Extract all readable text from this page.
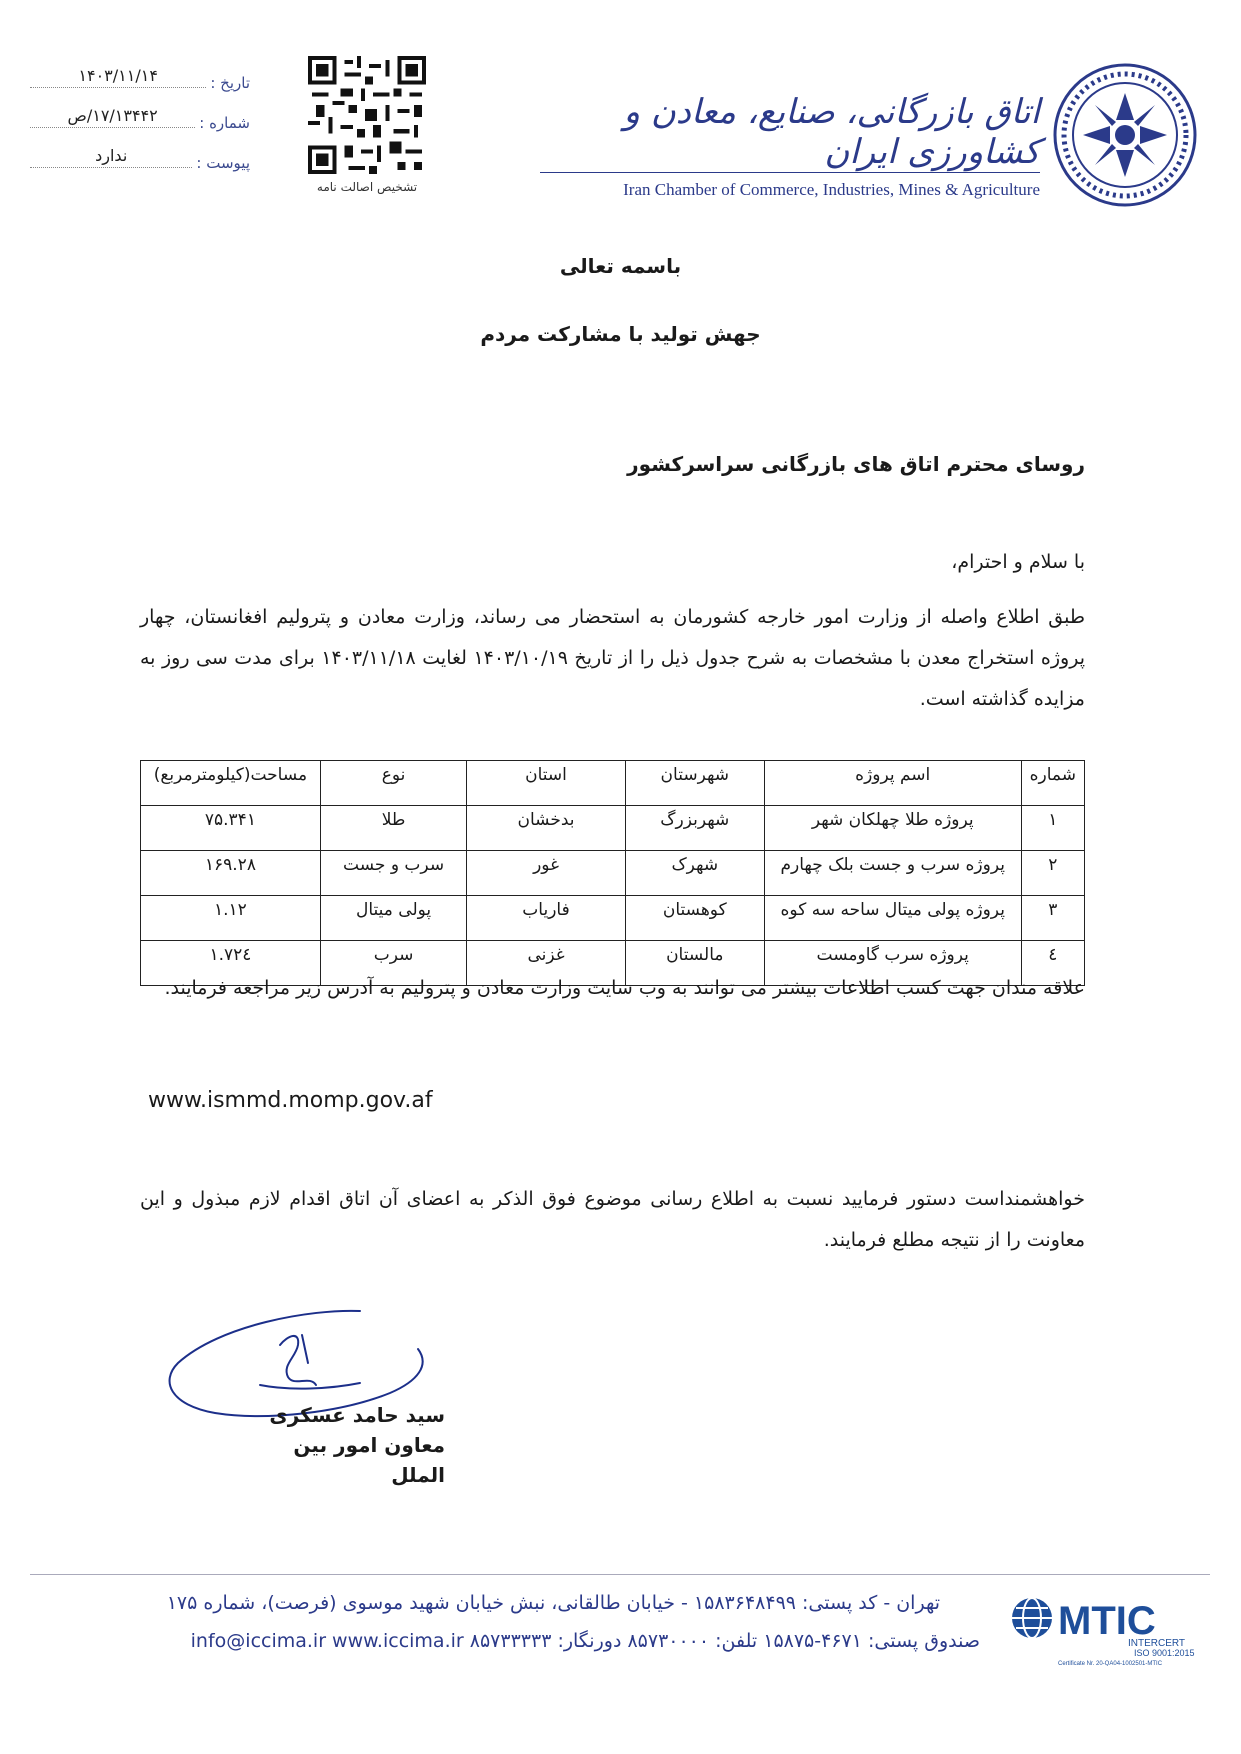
تاریخ :
۱۴۰۳/۱۱/۱۴
شماره :
۱۷/۱۳۴۴۲/ص
پیوست :
ندارد
تشخیص اصالت نامه
اتاق بازرگانی، صنایع، معادن و کشاورزی ایران
Iran Chamber of Commerce, Industries, Mines & Agriculture
باسمه تعالی
جهش تولید با مشارکت مردم
روسای محترم اتاق های بازرگانی سراسرکشور
با سلام و احترام،
طبق اطلاع واصله از وزارت امور خارجه کشورمان به استحضار می رساند، وزارت معادن و پترولیم افغانستان، چهار پروژه استخراج معدن با مشخصات به شرح جدول ذیل را از تاریخ ۱۴۰۳/۱۰/۱۹ لغایت ۱۴۰۳/۱۱/۱۸ برای مدت سی روز به مزایده گذاشته است.
شماره	اسم پروژه	شهرستان	استان	نوع	مساحت(کیلومترمربع)
۱	پروژه طلا چهلکان شهر	شهربزرگ	بدخشان	طلا	۷۵.۳۴۱
۲	پروژه سرب و جست بلک چهارم	شهرک	غور	سرب و جست	۱۶۹.۲۸
۳	پروژه پولی میتال ساحه سه کوه	کوهستان	فاریاب	پولی میتال	۱.۱۲
٤	پروژه سرب گاومست	مالستان	غزنی	سرب	۱.۷۲٤
علاقه مندان جهت کسب اطلاعات بیشتر می توانند به وب سایت وزارت معادن و پترولیم به آدرس زیر مراجعه فرمایند.
www.ismmd.momp.gov.af
خواهشمنداست دستور فرمایید نسبت به اطلاع رسانی موضوع فوق الذکر به اعضای آن اتاق اقدام لازم مبذول و این معاونت را از نتیجه مطلع فرمایند.
سید حامد عسکری
معاون امور بین الملل
تهران - کد پستی: ۱۵۸۳۶۴۸۴۹۹ - خیابان طالقانی، نبش خیابان شهید موسوی (فرصت)، شماره ۱۷۵
صندوق پستی: ۴۶۷۱-۱۵۸۷۵ تلفن: ۸۵۷۳۰۰۰۰ دورنگار: ۸۵۷۳۳۳۳۳ info@iccima.ir www.iccima.ir MTIC
INTERCERT
ISO 9001:2015
Certificate Nr. 20-QA04-1002501-MTIC
